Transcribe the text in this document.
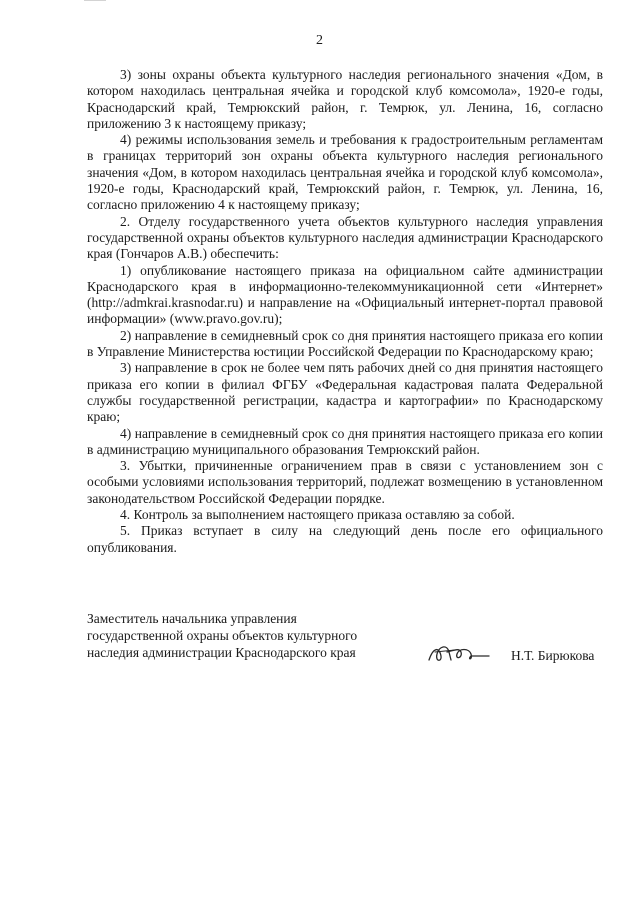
2

3) зоны охраны объекта культурного наследия регионального значения «Дом, в котором находилась центральная ячейка и городской клуб комсомола», 1920-е годы, Краснодарский край, Темрюкский район, г. Темрюк, ул. Ленина, 16, согласно приложению 3 к настоящему приказу;

4) режимы использования земель и требования к градостроительным регламентам в границах территорий зон охраны объекта культурного наследия регионального значения «Дом, в котором находилась центральная ячейка и городской клуб комсомола», 1920-е годы, Краснодарский край, Темрюкский район, г. Темрюк, ул. Ленина, 16, согласно приложению 4 к настоящему приказу;

2. Отделу государственного учета объектов культурного наследия управления государственной охраны объектов культурного наследия администрации Краснодарского края (Гончаров А.В.) обеспечить:

1) опубликование настоящего приказа на официальном сайте администрации Краснодарского края в информационно-телекоммуникационной сети «Интернет» (http://admkrai.krasnodar.ru) и направление на «Официальный интернет-портал правовой информации» (www.pravo.gov.ru);

2) направление в семидневный срок со дня принятия настоящего приказа его копии в Управление Министерства юстиции Российской Федерации по Краснодарскому краю;

3) направление в срок не более чем пять рабочих дней со дня принятия настоящего приказа его копии в филиал ФГБУ «Федеральная кадастровая палата Федеральной службы государственной регистрации, кадастра и картографии» по Краснодарскому краю;

4) направление в семидневный срок со дня принятия настоящего приказа его копии в администрацию муниципального образования Темрюкский район.

3. Убытки, причиненные ограничением прав в связи с установлением зон с особыми условиями использования территорий, подлежат возмещению в установленном законодательством Российской Федерации порядке.

4. Контроль за выполнением настоящего приказа оставляю за собой.

5. Приказ вступает в силу на следующий день после его официального опубликования.

Заместитель начальника управления
государственной охраны объектов культурного
наследия администрации Краснодарского края	Н.Т. Бирюкова
